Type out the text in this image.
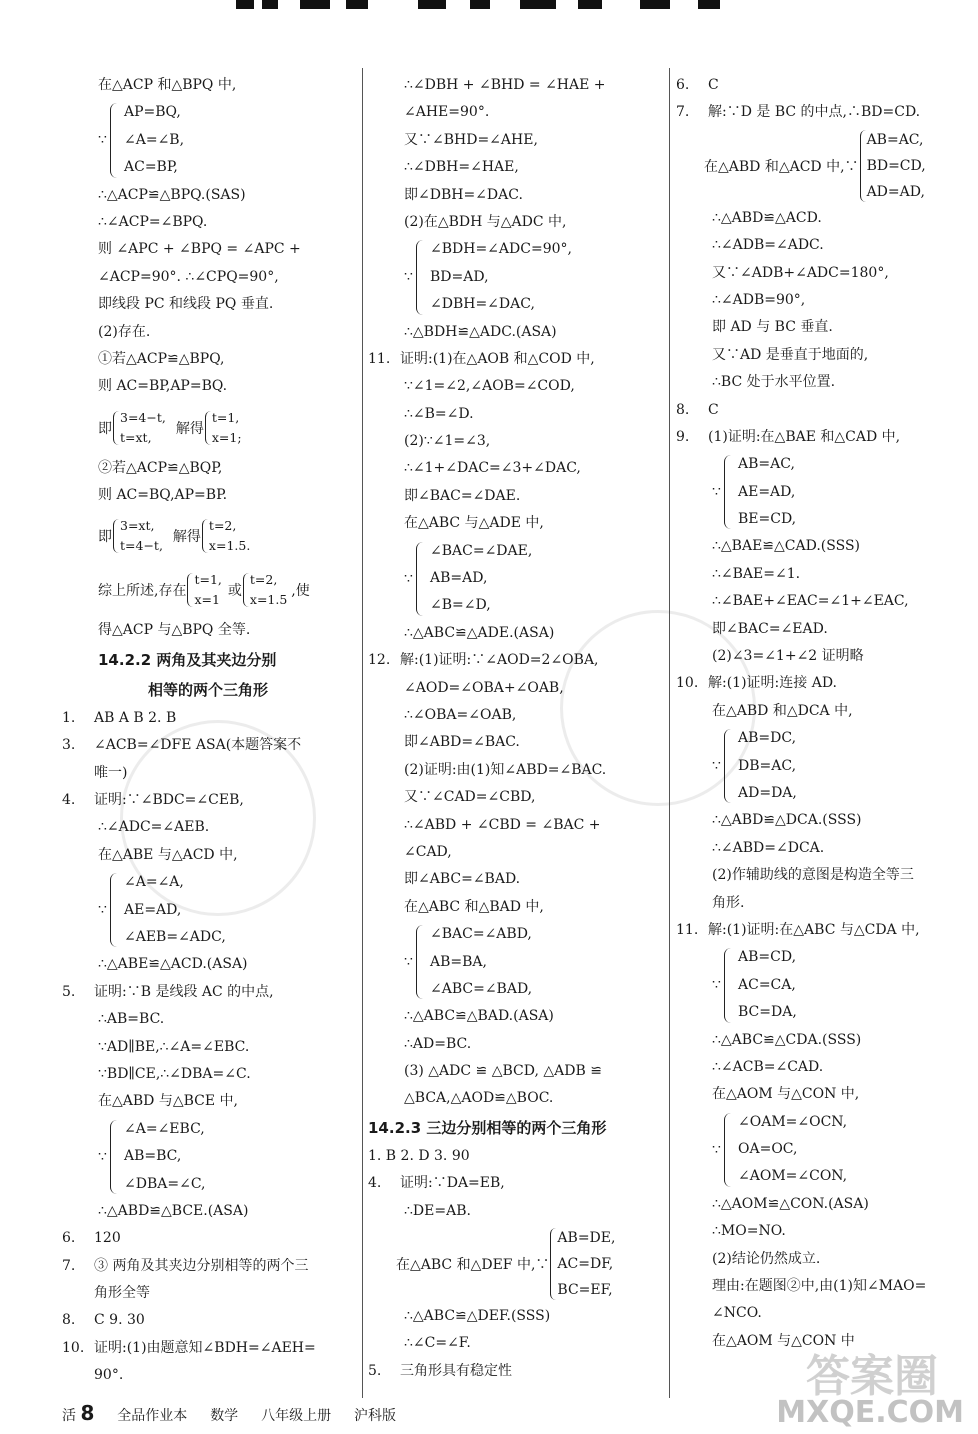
在△ACP 和△BPQ 中,
∵
AP=BQ,
∠A=∠B,
AC=BP,
∴△ACP≌△BPQ.(SAS)
∴∠ACP=∠BPQ.
则 ∠APC + ∠BPQ = ∠APC +
∠ACP=90°. ∴∠CPQ=90°,
即线段 PC 和线段 PQ 垂直.
(2)存在.
①若△ACP≌△BPQ,
则 AC=BP,AP=BQ.
即
3=4−t,
t=xt,
解得
t=1,
x=1;
②若△ACP≌△BQP,
则 AC=BQ,AP=BP.
即
3=xt,
t=4−t,
解得
t=2,
x=1.5.
综上所述,存在
t=1,
x=1
或
t=2,
x=1.5
,使
得△ACP 与△BPQ 全等.
14.2.2 两角及其夹边分别
相等的两个三角形
1. AB A B 2. B
3. ∠ACB=∠DFE ASA(本题答案不
唯一)
4. 证明:∵∠BDC=∠CEB,
∴∠ADC=∠AEB.
在△ABE 与△ACD 中,
∵
∠A=∠A,
AE=AD,
∠AEB=∠ADC,
∴△ABE≌△ACD.(ASA)
5. 证明:∵B 是线段 AC 的中点,
∴AB=BC.
∵AD∥BE,∴∠A=∠EBC.
∵BD∥CE,∴∠DBA=∠C.
在△ABD 与△BCE 中,
∵
∠A=∠EBC,
AB=BC,
∠DBA=∠C,
∴△ABD≌△BCE.(ASA)
6. 120
7. ③ 两角及其夹边分别相等的两个三
角形全等
8. C 9. 30
10. 证明:(1)由题意知∠BDH=∠AEH=
90°.
∴∠DBH + ∠BHD = ∠HAE +
∠AHE=90°.
又∵∠BHD=∠AHE,
∴∠DBH=∠HAE,
即∠DBH=∠DAC.
(2)在△BDH 与△ADC 中,
∵
∠BDH=∠ADC=90°,
BD=AD,
∠DBH=∠DAC,
∴△BDH≌△ADC.(ASA)
11. 证明:(1)在△AOB 和△COD 中,
∵∠1=∠2,∠AOB=∠COD,
∴∠B=∠D.
(2)∵∠1=∠3,
∴∠1+∠DAC=∠3+∠DAC,
即∠BAC=∠DAE.
在△ABC 与△ADE 中,
∵
∠BAC=∠DAE,
AB=AD,
∠B=∠D,
∴△ABC≌△ADE.(ASA)
12. 解:(1)证明:∵∠AOD=2∠OBA,
∠AOD=∠OBA+∠OAB,
∴∠OBA=∠OAB,
即∠ABD=∠BAC.
(2)证明:由(1)知∠ABD=∠BAC.
又∵∠CAD=∠CBD,
∴∠ABD + ∠CBD = ∠BAC +
∠CAD,
即∠ABC=∠BAD.
在△ABC 和△BAD 中,
∵
∠BAC=∠ABD,
AB=BA,
∠ABC=∠BAD,
∴△ABC≌△BAD.(ASA)
∴AD=BC.
(3) △ADC ≌ △BCD, △ADB ≌
△BCA,△AOD≌△BOC.
14.2.3 三边分别相等的两个三角形
1. B 2. D 3. 90
4. 证明:∵DA=EB,
∴DE=AB.
在△ABC 和△DEF 中,∵
AB=DE,
AC=DF,
BC=EF,
∴△ABC≌△DEF.(SSS)
∴∠C=∠F.
5. 三角形具有稳定性
6. C
7. 解:∵D 是 BC 的中点,∴BD=CD.
在△ABD 和△ACD 中,∵
AB=AC,
BD=CD,
AD=AD,
∴△ABD≌△ACD.
∴∠ADB=∠ADC.
又∵∠ADB+∠ADC=180°,
∴∠ADB=90°,
即 AD 与 BC 垂直.
又∵AD 是垂直于地面的,
∴BC 处于水平位置.
8. C
9. (1)证明:在△BAE 和△CAD 中,
∵
AB=AC,
AE=AD,
BE=CD,
∴△BAE≌△CAD.(SSS)
∴∠BAE=∠1.
∴∠BAE+∠EAC=∠1+∠EAC,
即∠BAC=∠EAD.
(2)∠3=∠1+∠2 证明略
10. 解:(1)证明:连接 AD.
在△ABD 和△DCA 中,
∵
AB=DC,
DB=AC,
AD=DA,
∴△ABD≌△DCA.(SSS)
∴∠ABD=∠DCA.
(2)作辅助线的意图是构造全等三
角形.
11. 解:(1)证明:在△ABC 与△CDA 中,
∵
AB=CD,
AC=CA,
BC=DA,
∴△ABC≌△CDA.(SSS)
∴∠ACB=∠CAD.
在△AOM 与△CON 中,
∵
∠OAM=∠OCN,
OA=OC,
∠AOM=∠CON,
∴△AOM≌△CON.(ASA)
∴MO=NO.
(2)结论仍然成立.
理由:在题图②中,由(1)知∠MAO=
∠NCO.
在△AOM 与△CON 中
答案圈
MXQE.COM
活 8 全品作业本 数学 八年级上册 沪科版
